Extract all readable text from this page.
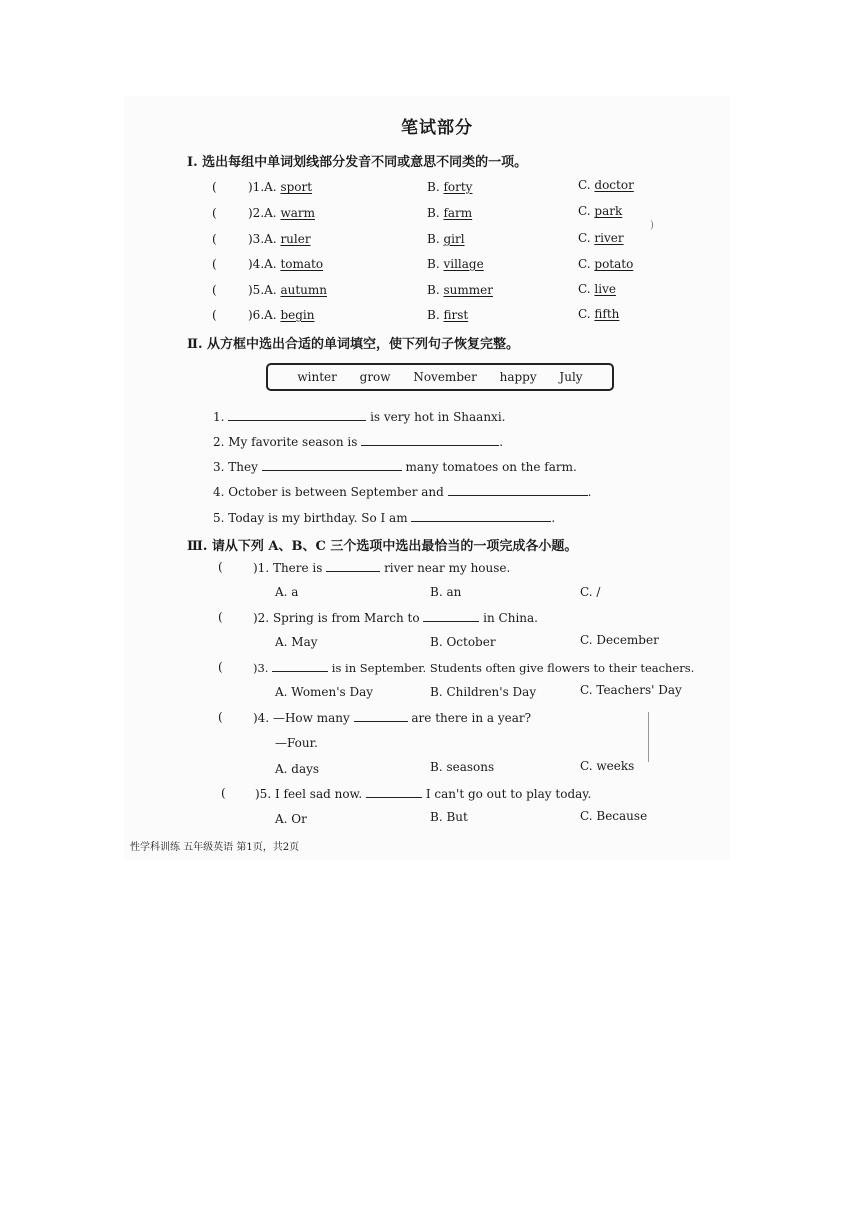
笔试部分
Ⅰ. 选出每组中单词划线部分发音不同或意思不同类的一项。
(	)1.A. sport	B. forty	C. doctor
(	)2.A. warm	B. farm	C. park
(	)3.A. ruler	B. girl	C. river
(	)4.A. tomato	B. village	C. potato
(	)5.A. autumn	B. summer	C. live
(	)6.A. begin	B. first	C. fifth
Ⅱ. 从方框中选出合适的单词填空，使下列句子恢复完整。
winter grow November happy July
1.	is very hot in Shaanxi.
2. My favorite season is	.
3. They	many tomatoes on the farm.
4. October is between September and	.
5. Today is my birthday. So I am	.
Ⅲ. 请从下列 A、B、C 三个选项中选出最恰当的一项完成各小题。
(	)1. There is	river near my house.
A. a	B. an	C. /
(	)2. Spring is from March to	in China.
A. May	B. October	C. December
(	)3.	is in September. Students often give flowers to their teachers.
A. Women's Day	B. Children's Day	C. Teachers' Day
(	)4. —How many	are there in a year?
—Four.
A. days	B. seasons	C. weeks
( )5. I feel sad now.	I can't go out to play today.
A. Or	B. But	C. Because
性学科训练 五年级英语 第1页，共2页
)
